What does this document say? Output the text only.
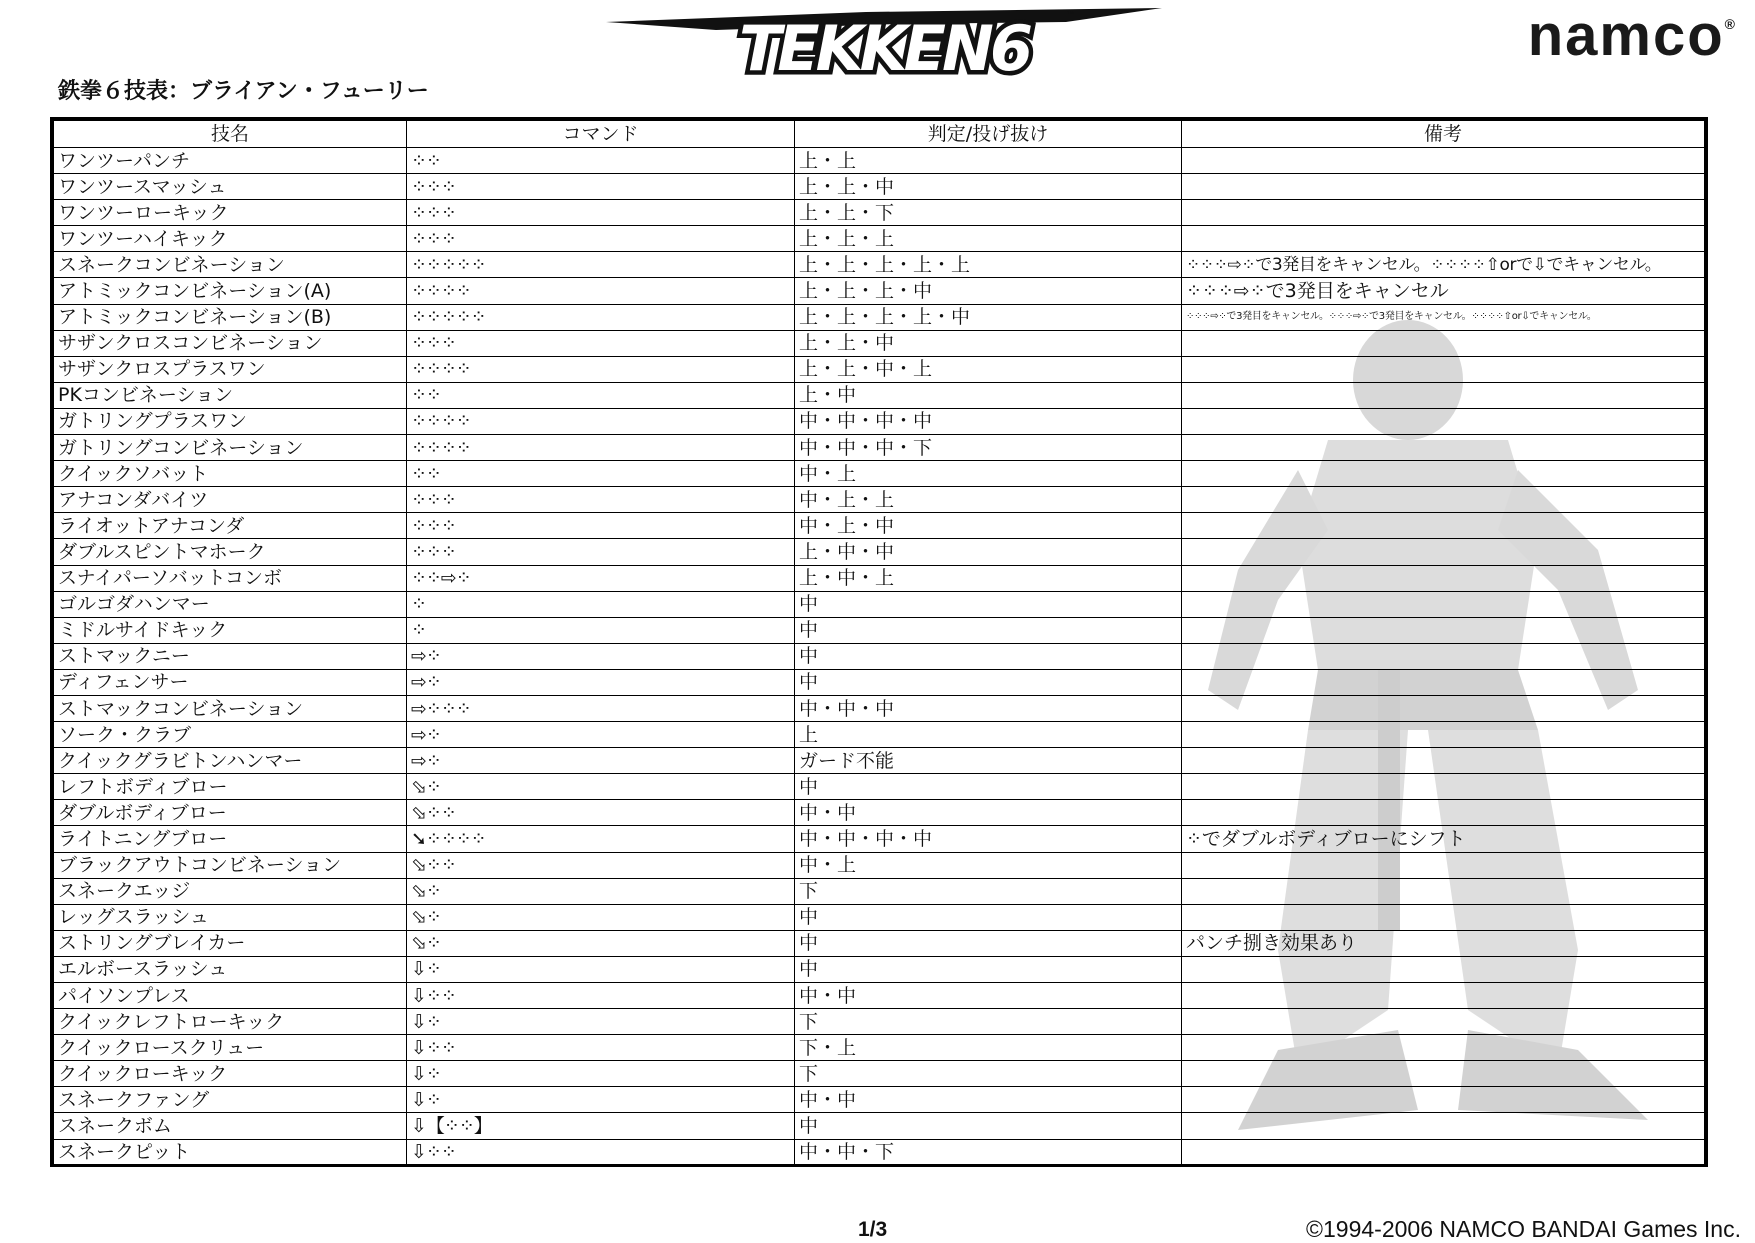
TEKKEN6	™	namco®
鉄拳６技表：ブライアン・フューリー
技名	コマンド	判定/投げ抜け	備考
ワンツーパンチ	⁘⁘	上・上	
ワンツースマッシュ	⁘⁘⁘	上・上・中	
ワンツーローキック	⁘⁘⁘	上・上・下	
ワンツーハイキック	⁘⁘⁘	上・上・上	
スネークコンビネーション	⁘⁘⁘⁘⁘	上・上・上・上・上	⁘⁘⁘⇨⁘で3発目をキャンセル。⁘⁘⁘⁘⇧orで⇩でキャンセル。
アトミックコンビネーション(A)	⁘⁘⁘⁘	上・上・上・中	⁘⁘⁘⇨⁘で3発目をキャンセル
アトミックコンビネーション(B)	⁘⁘⁘⁘⁘	上・上・上・上・中	⁘⁘⁘⇨⁘で3発目をキャンセル。⁘⁘⁘⇨⁘で3発目をキャンセル。⁘⁘⁘⁘⇧or⇩でキャンセル。
サザンクロスコンビネーション	⁘⁘⁘	上・上・中	
サザンクロスプラスワン	⁘⁘⁘⁘	上・上・中・上	
PKコンビネーション	⁘⁘	上・中	
ガトリングプラスワン	⁘⁘⁘⁘	中・中・中・中	
ガトリングコンビネーション	⁘⁘⁘⁘	中・中・中・下	
クイックソバット	⁘⁘	中・上	
アナコンダバイツ	⁘⁘⁘	中・上・上	
ライオットアナコンダ	⁘⁘⁘	中・上・中	
ダブルスピントマホーク	⁘⁘⁘	上・中・中	
スナイパーソバットコンボ	⁘⁘⇨⁘	上・中・上	
ゴルゴダハンマー	⁘	中	
ミドルサイドキック	⁘	中	
ストマックニー	⇨⁘	中	
ディフェンサー	⇨⁘	中	
ストマックコンビネーション	⇨⁘⁘⁘	中・中・中	
ソーク・クラブ	⇨⁘	上	
クイックグラビトンハンマー	⇨⁘	ガード不能	
レフトボディブロー	⬂⁘	中	
ダブルボディブロー	⬂⁘⁘	中・中	
ライトニングブロー	➘⁘⁘⁘⁘	中・中・中・中	⁘でダブルボディブローにシフト
ブラックアウトコンビネーション	⬂⁘⁘	中・上	
スネークエッジ	⬂⁘	下	
レッグスラッシュ	⬂⁘	中	
ストリングブレイカー	⬂⁘	中	パンチ捌き効果あり
エルボースラッシュ	⇩⁘	中	
パイソンプレス	⇩⁘⁘	中・中	
クイックレフトローキック	⇩⁘	下	
クイックロースクリュー	⇩⁘⁘	下・上	
クイックローキック	⇩⁘	下	
スネークファング	⇩⁘	中・中	
スネークボム	⇩【⁘⁘】	中	
スネークピット	⇩⁘⁘	中・中・下	
1/3	©1994‐2006 NAMCO BANDAI Games Inc.
